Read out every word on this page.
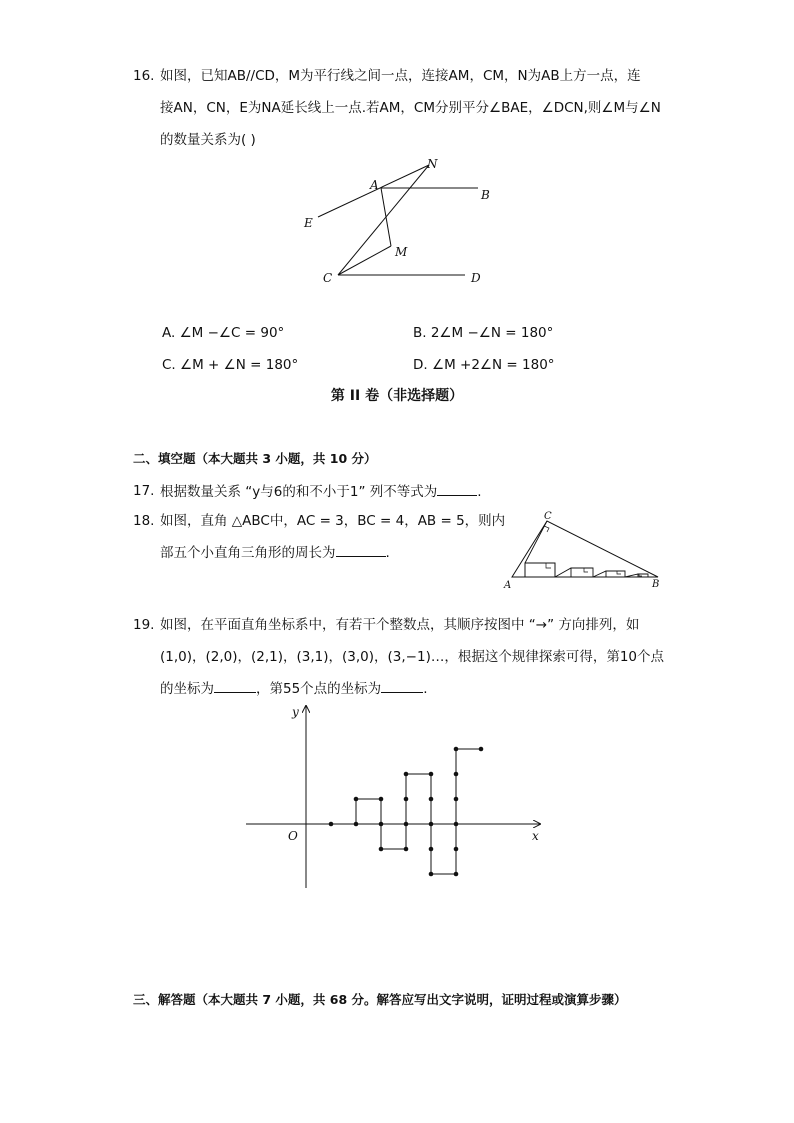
16. 如图，已知AB//CD，M为平行线之间一点，连接AM，CM，N为AB上方一点，连
接AN，CN，E为NA延长线上一点.若AM，CM分别平分∠BAE，∠DCN,则∠M与∠N
的数量关系为( )
N
A
B
E
M
C	D
A. ∠M −∠C = 90°	B. 2∠M −∠N = 180°
C. ∠M + ∠N = 180°	D. ∠M +2∠N = 180°
第 II 卷（非选择题）
二、填空题（本大题共 3 小题，共 10 分）
17. 根据数量关系 “y与6的和不小于1” 列不等式为	.
18. 如图，直角 △ABC中，AC = 3，BC = 4，AB = 5，则内
部五个小直角三角形的周长为	.
A
C
B
19. 如图，在平面直角坐标系中，有若干个整数点，其顺序按图中 “→” 方向排列，如
(1,0)，(2,0)，(2,1)，(3,1)，(3,0)，(3,−1)…，根据这个规律探索可得，第10个点
的坐标为	，第55个点的坐标为	.
x
y
O
三、解答题（本大题共 7 小题，共 68 分。解答应写出文字说明，证明过程或演算步骤）
